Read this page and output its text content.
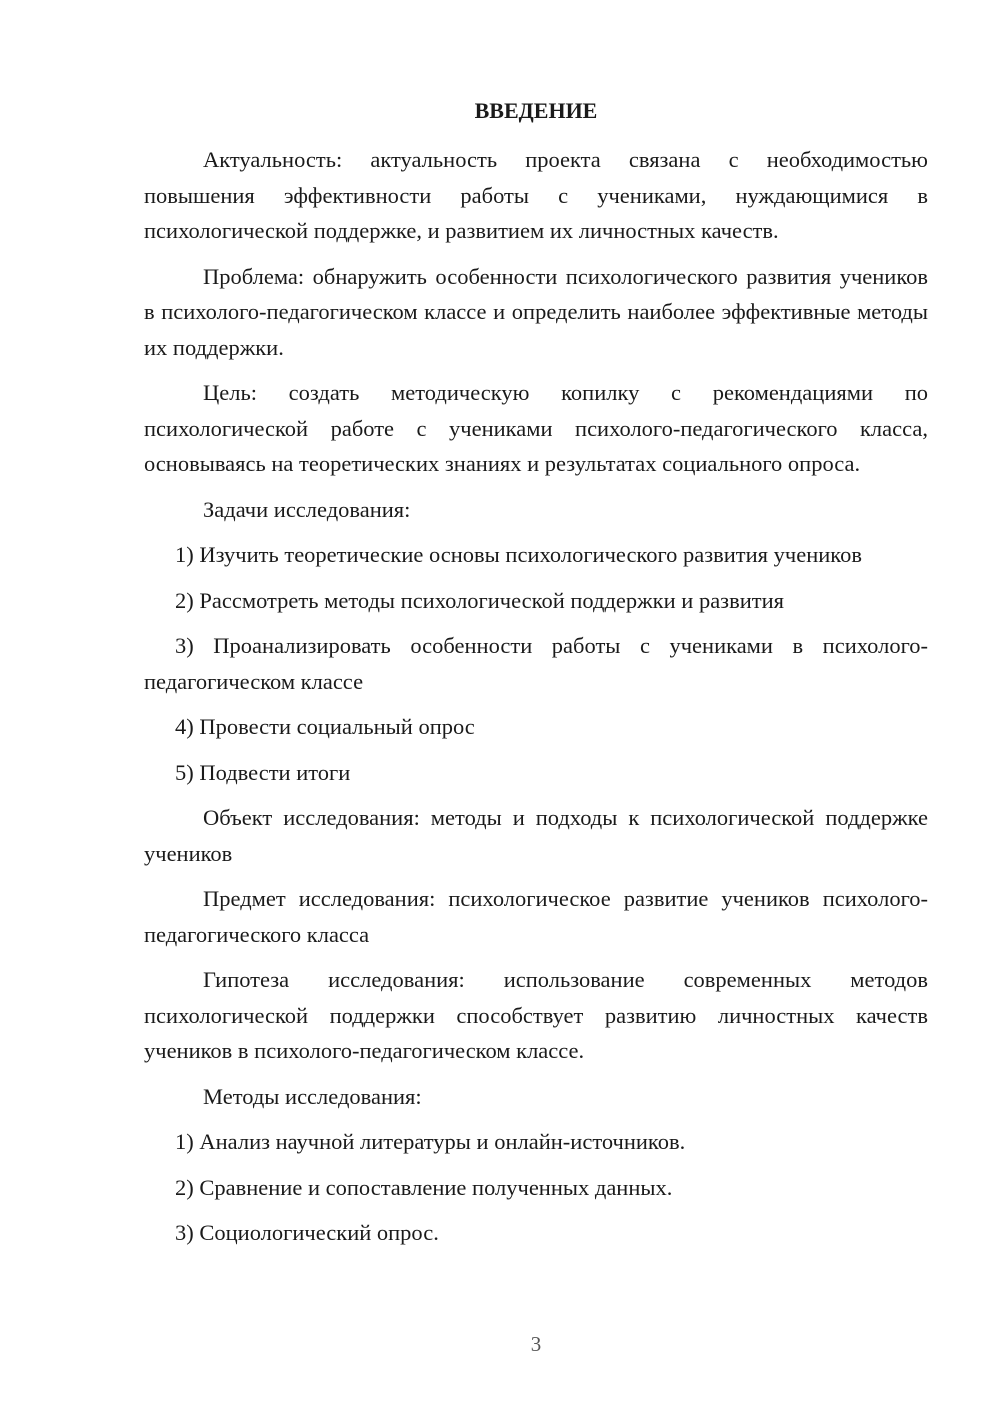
ВВЕДЕНИЕ

Актуальность: актуальность проекта связана с необходимостью повышения эффективности работы с учениками, нуждающимися в психологической поддержке, и развитием их личностных качеств.

Проблема: обнаружить особенности психологического развития учеников в психолого-педагогическом классе и определить наиболее эффективные методы их поддержки.

Цель: создать методическую копилку с рекомендациями по психологической работе с учениками психолого-педагогического класса, основываясь на теоретических знаниях и результатах социального опроса.

Задачи исследования:

1) Изучить теоретические основы психологического развития учеников

2) Рассмотреть методы психологической поддержки и развития

3) Проанализировать особенности работы с учениками в психолого-педагогическом классе

4) Провести социальный опрос

5) Подвести итоги

Объект исследования: методы и подходы к психологической поддержке учеников

Предмет исследования: психологическое развитие учеников психолого-педагогического класса

Гипотеза исследования: использование современных методов психологической поддержки способствует развитию личностных качеств учеников в психолого-педагогическом классе.

Методы исследования:

1) Анализ научной литературы и онлайн-источников.

2) Сравнение и сопоставление полученных данных.

3) Социологический опрос.

3
